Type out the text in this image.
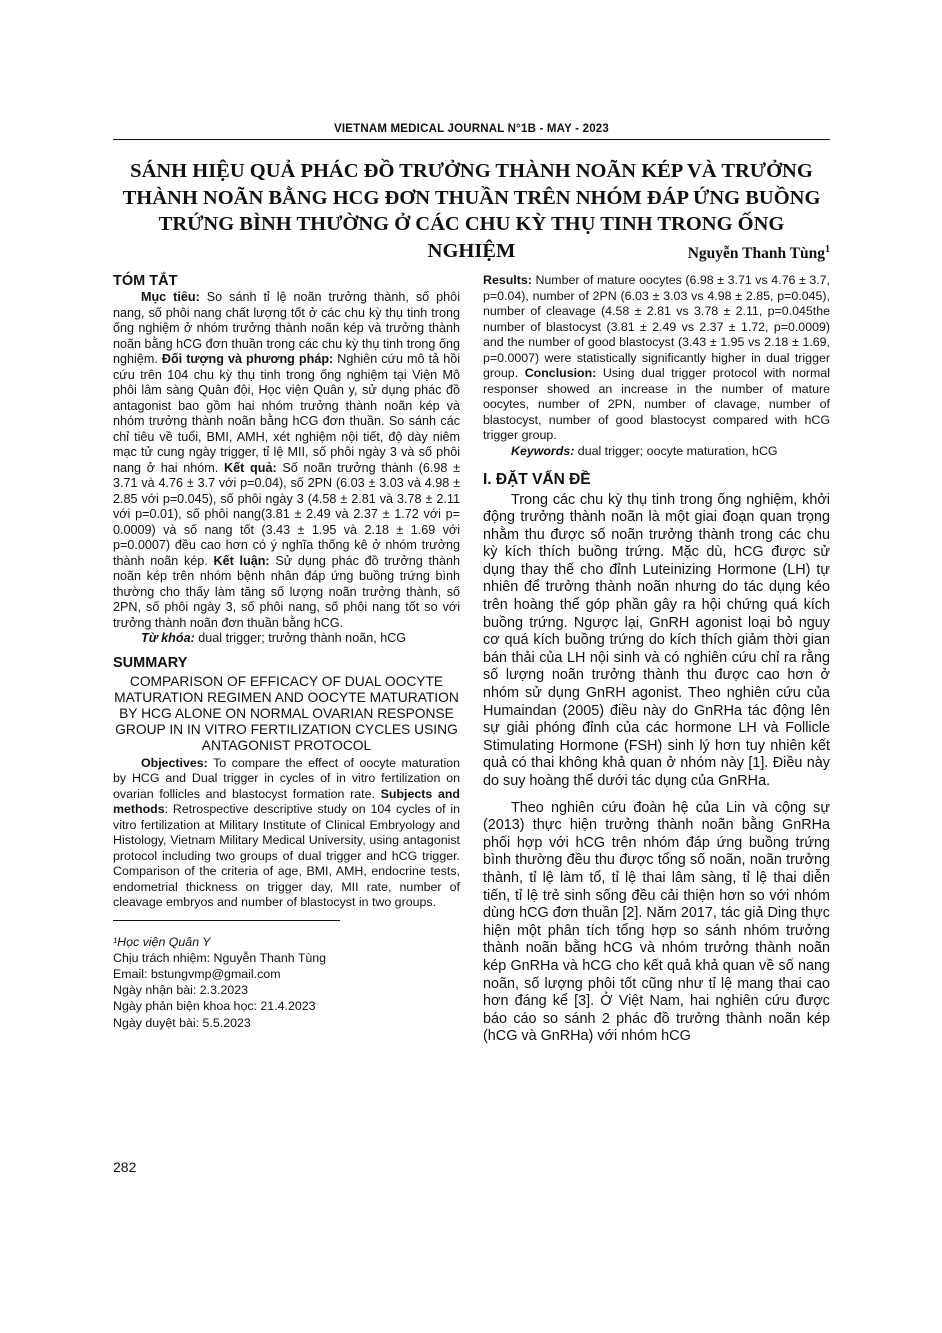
VIETNAM MEDICAL JOURNAL N°1B - MAY - 2023
SÁNH HIỆU QUẢ PHÁC ĐỒ TRƯỞNG THÀNH NOÃN KÉP VÀ TRƯỞNG THÀNH NOÃN BẰNG HCG ĐƠN THUẦN TRÊN NHÓM ĐÁP ỨNG BUỒNG TRỨNG BÌNH THƯỜNG Ở CÁC CHU KỲ THỤ TINH TRONG ỐNG NGHIỆM	Nguyễn Thanh Tùng$^1$

TÓM TẮT

Mục tiêu: So sánh tỉ lệ noãn trưởng thành, số phôi nang, số phôi nang chất lượng tốt ở các chu kỳ thụ tinh trong ống nghiệm ở nhóm trưởng thành noãn kép và trưởng thành noãn bằng hCG đơn thuần trong các chu kỳ thụ tinh trong ống nghiệm. Đối tượng và phương pháp: Nghiên cứu mô tả hồi cứu trên 104 chu kỳ thụ tinh trong ống nghiệm tại Viện Mô phôi lâm sàng Quân đội, Học viện Quân y, sử dụng phác đồ antagonist bao gồm hai nhóm trưởng thành noãn kép và nhóm trưởng thành noãn bằng hCG đơn thuần. So sánh các chỉ tiêu về tuổi, BMI, AMH, xét nghiệm nội tiết, độ dày niêm mạc tử cung ngày trigger, tỉ lệ MII, số phôi ngày 3 và số phôi nang ở hai nhóm. Kết quả: Số noãn trưởng thành (6.98 ± 3.71 và 4.76 ± 3.7 với p=0.04), số 2PN (6.03 ± 3.03 và 4.98 ± 2.85 với p=0.045), số phôi ngày 3 (4.58 ± 2.81 và 3.78 ± 2.11 với p=0.01), số phôi nang(3.81 ± 2.49 và 2.37 ± 1.72 với p= 0.0009) và số nang tốt (3.43 ± 1.95 và 2.18 ± 1.69 với p=0.0007) đều cao hơn có ý nghĩa thống kê ở nhóm trưởng thành noãn kép. Kết luận: Sử dụng phác đồ trưởng thành noãn kép trên nhóm bệnh nhân đáp ứng buồng trứng bình thường cho thấy làm tăng số lượng noãn trưởng thành, số 2PN, số phôi ngày 3, số phôi nang, số phôi nang tốt so với trưởng thành noãn đơn thuần bằng hCG.

Từ khóa: dual trigger; trưởng thành noãn, hCG

SUMMARY

COMPARISON OF EFFICACY OF DUAL OOCYTE MATURATION REGIMEN AND OOCYTE MATURATION BY HCG ALONE ON NORMAL OVARIAN RESPONSE GROUP IN IN VITRO FERTILIZATION CYCLES USING ANTAGONIST PROTOCOL

Objectives: To compare the effect of oocyte maturation by HCG and Dual trigger in cycles of in vitro fertilization on ovarian follicles and blastocyst formation rate. Subjects and methods: Retrospective descriptive study on 104 cycles of in vitro fertilization at Military Institute of Clinical Embryology and Histology, Vietnam Military Medical University, using antagonist protocol including two groups of dual trigger and hCG trigger. Comparison of the criteria of age, BMI, AMH, endocrine tests, endometrial thickness on trigger day, MII rate, number of cleavage embryos and number of blastocyst in two groups.

¹Học viện Quân Y

Chịu trách nhiệm: Nguyễn Thanh Tùng

Email: bstungvmp@gmail.com

Ngày nhận bài: 2.3.2023

Ngày phản biện khoa học: 21.4.2023

Ngày duyệt bài: 5.5.2023

282

Results: Number of mature oocytes (6.98 ± 3.71 vs 4.76 ± 3.7, p=0.04), number of 2PN (6.03 ± 3.03 vs 4.98 ± 2.85, p=0.045), number of cleavage (4.58 ± 2.81 vs 3.78 ± 2.11, p=0.045the number of blastocyst (3.81 ± 2.49 vs 2.37 ± 1.72, p=0.0009) and the number of good blastocyst (3.43 ± 1.95 vs 2.18 ± 1.69, p=0.0007) were statistically significantly higher in dual trigger group. Conclusion: Using dual trigger protocol with normal responser showed an increase in the number of mature oocytes, number of 2PN, number of clavage, number of blastocyst, number of good blastocyst compared with hCG trigger group.

Keywords: dual trigger; oocyte maturation, hCG

I. ĐẶT VẤN ĐỀ

Trong các chu kỳ thụ tinh trong ống nghiệm, khởi động trưởng thành noãn là một giai đoạn quan trọng nhằm thu được số noãn trưởng thành trong các chu kỳ kích thích buồng trứng. Mặc dù, hCG được sử dụng thay thế cho đỉnh Luteinizing Hormone (LH) tự nhiên để trưởng thành noãn nhưng do tác dụng kéo trên hoàng thể góp phần gây ra hội chứng quá kích buồng trứng. Ngược lại, GnRH agonist loại bỏ nguy cơ quá kích buồng trứng do kích thích giảm thời gian bán thải của LH nội sinh và có nghiên cứu chỉ ra rằng số lượng noãn trưởng thành thu được cao hơn ở nhóm sử dụng GnRH agonist. Theo nghiên cứu của Humaindan (2005) điều này do GnRHa tác động lên sự giải phóng đỉnh của các hormone LH và Follicle Stimulating Hormone (FSH) sinh lý hơn tuy nhiên kết quả có thai không khả quan ở nhóm này [1]. Điều này do suy hoàng thể dưới tác dụng của GnRHa.

Theo nghiên cứu đoàn hệ của Lin và cộng sự (2013) thực hiện trưởng thành noãn bằng GnRHa phối hợp với hCG trên nhóm đáp ứng buồng trứng bình thường đều thu được tổng số noãn, noãn trưởng thành, tỉ lệ làm tổ, tỉ lệ thai lâm sàng, tỉ lệ thai diễn tiến, tỉ lệ trẻ sinh sống đều cải thiện hơn so với nhóm dùng hCG đơn thuần [2]. Năm 2017, tác giả Ding thực hiện một phân tích tổng hợp so sánh nhóm trưởng thành noãn bằng hCG và nhóm trưởng thành noãn kép GnRHa và hCG cho kết quả khả quan về số nang noãn, số lượng phôi tốt cũng như tỉ lệ mang thai cao hơn đáng kể [3]. Ở Việt Nam, hai nghiên cứu được báo cáo so sánh 2 phác đồ trưởng thành noãn kép (hCG và GnRHa) với nhóm hCG
